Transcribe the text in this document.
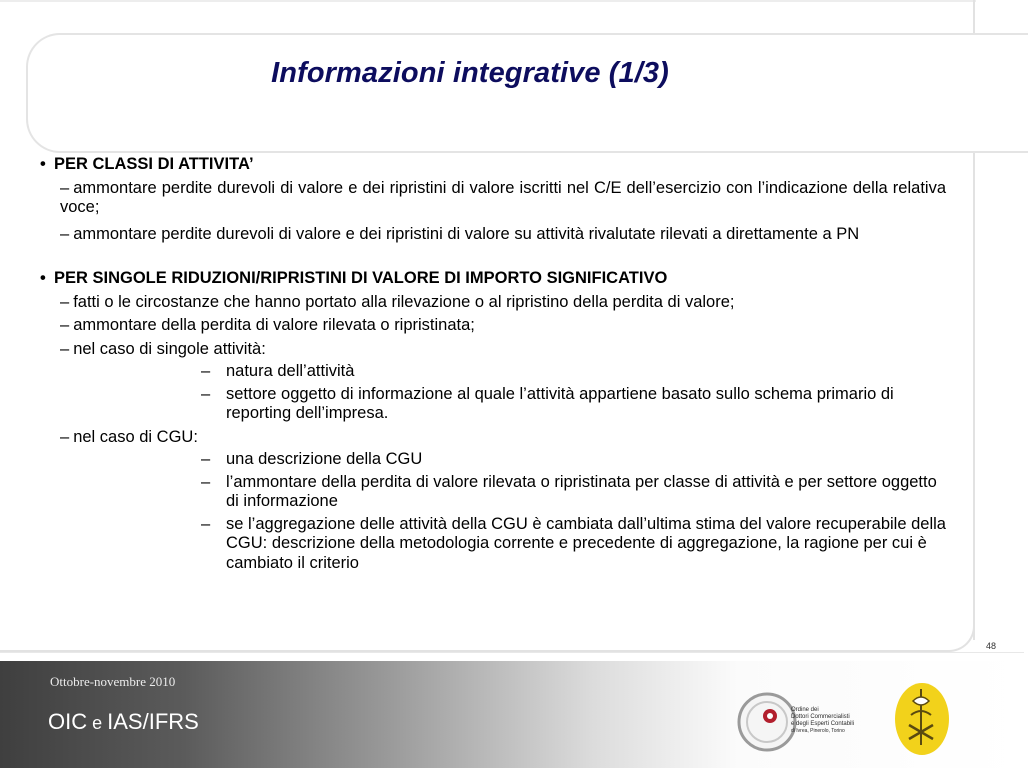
Informazioni integrative (1/3)

• PER CLASSI DI ATTIVITA’

– ammontare perdite durevoli di valore e dei ripristini di valore iscritti nel C/E dell’esercizio con l’indicazione della relativa voce;

– ammontare perdite durevoli di valore e dei ripristini di valore su attività rivalutate rilevati a direttamente a PN

• PER SINGOLE RIDUZIONI/RIPRISTINI DI VALORE DI IMPORTO SIGNIFICATIVO

– fatti o le circostanze che hanno portato alla rilevazione o al ripristino della perdita di valore;

– ammontare della perdita di valore rilevata o ripristinata;

– nel caso di singole attività:

– natura dell’attività

– settore oggetto di informazione al quale l’attività appartiene basato sullo schema primario di reporting dell’impresa.

– nel caso di CGU:

– una descrizione della CGU

– l’ammontare della perdita di valore rilevata o ripristinata per classe di attività e per settore oggetto di informazione

– se l’aggregazione delle attività della CGU è cambiata dall’ultima stima del valore recuperabile della CGU: descrizione della metodologia corrente e precedente di aggregazione, la ragione per cui è cambiato il criterio

48
Ottobre-novembre 2010
OIC e IAS/IFRS	Ordine dei
Dottori Commercialisti
e degli Esperti Contabili
di Ivrea, Pinerolo, Torino
